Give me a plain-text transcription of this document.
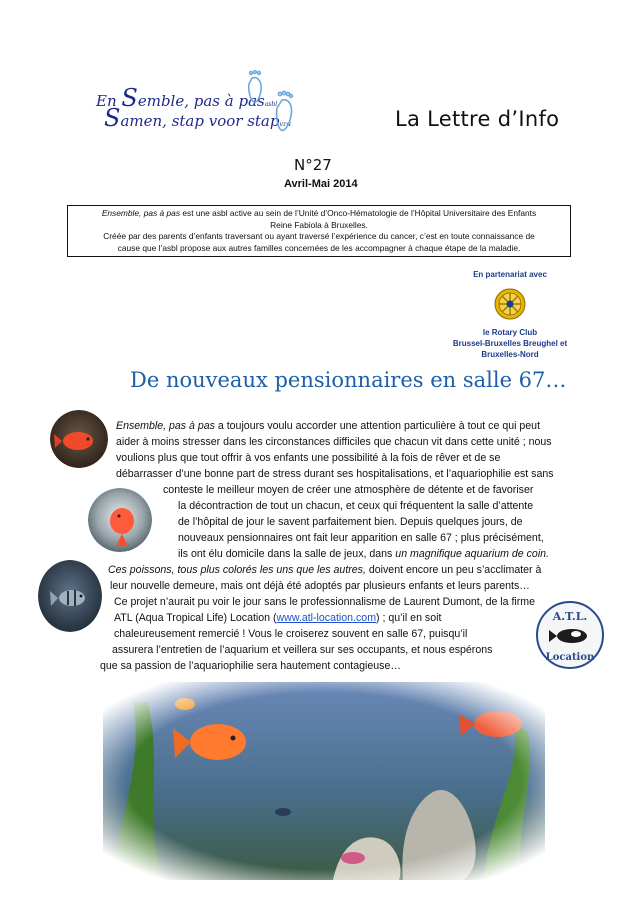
En Semble, pas à pasasbl
Samen, stap voor stapvzw	La Lettre d’Info
N°27
Avril-Mai 2014

Ensemble, pas à pas est une asbl active au sein de l’Unité d’Onco-Hématologie de l’Hôpital Universitaire des Enfants

Reine Fabiola à Bruxelles.

Créée par des parents d’enfants traversant ou ayant traversé l’expérience du cancer, c’est en toute connaissance de

cause que l’asbl propose aux autres familles concernées de les accompagner à chaque étape de la maladie.

En partenariat avec
le Rotary Club
Brussel-Bruxelles Breughel et
Bruxelles-Nord
De nouveaux pensionnaires en salle 67…
Ensemble, pas à pas a toujours voulu accorder une attention particulière à tout ce qui peut
aider à moins stresser dans les circonstances difficiles que chacun vit dans cette unité ; nous
voulions plus que tout offrir à vos enfants une possibilité à la fois de rêver et de se
débarrasser d’une bonne part de stress durant ses hospitalisations, et l’aquariophilie est sans
conteste le meilleur moyen de créer une atmosphère de détente et de favoriser
la décontraction de tout un chacun, et ceux qui fréquentent la salle d’attente
de l’hôpital de jour le savent parfaitement bien. Depuis quelques jours, de
nouveaux pensionnaires ont fait leur apparition en salle 67 ; plus précisément,
ils ont élu domicile dans la salle de jeux, dans un magnifique aquarium de coin.
Ces poissons, tous plus colorés les uns que les autres, doivent encore un peu s’acclimater à
leur nouvelle demeure, mais ont déjà été adoptés par plusieurs enfants et leurs parents…
Ce projet n’aurait pu voir le jour sans le professionnalisme de Laurent Dumont, de la firme
ATL (Aqua Tropical Life) Location (www.atl-location.com) ; qu’il en soit
chaleureusement remercié ! Vous le croiserez souvent en salle 67, puisqu’il
assurera l’entretien de l’aquarium et veillera sur ses occupants, et nous espérons
que sa passion de l’aquariophilie sera hautement contagieuse…
A.T.L.
Location
